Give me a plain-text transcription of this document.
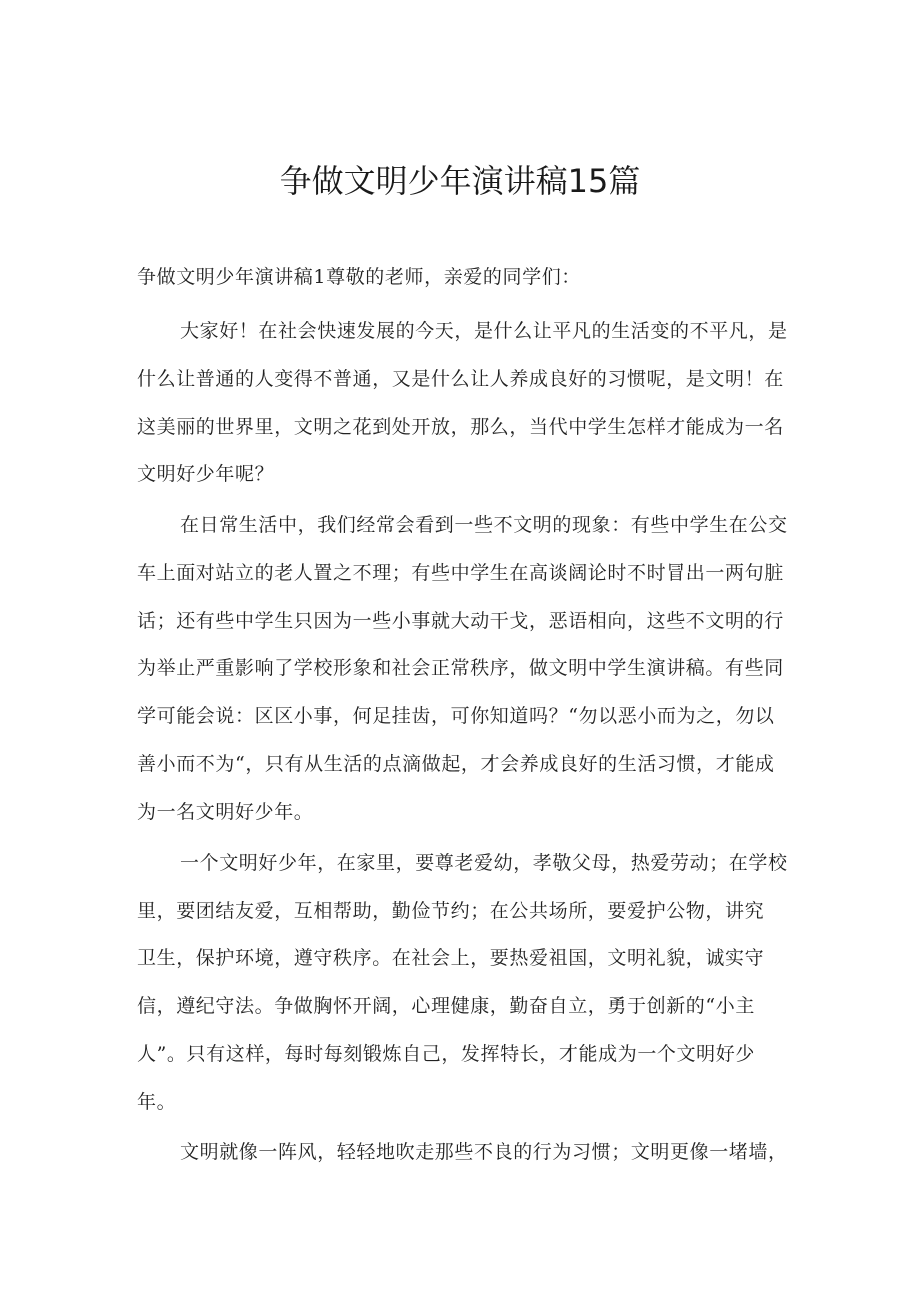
争做文明少年演讲稿15篇
争做文明少年演讲稿1尊敬的老师，亲爱的同学们：
大家好！在社会快速发展的今天，是什么让平凡的生活变的不平凡，是
什么让普通的人变得不普通，又是什么让人养成良好的习惯呢，是文明！在
这美丽的世界里，文明之花到处开放，那么，当代中学生怎样才能成为一名
文明好少年呢？
在日常生活中，我们经常会看到一些不文明的现象：有些中学生在公交
车上面对站立的老人置之不理；有些中学生在高谈阔论时不时冒出一两句脏
话；还有些中学生只因为一些小事就大动干戈，恶语相向，这些不文明的行
为举止严重影响了学校形象和社会正常秩序，做文明中学生演讲稿。有些同
学可能会说：区区小事，何足挂齿，可你知道吗？“勿以恶小而为之，勿以
善小而不为“，只有从生活的点滴做起，才会养成良好的生活习惯，才能成
为一名文明好少年。
一个文明好少年，在家里，要尊老爱幼，孝敬父母，热爱劳动；在学校
里，要团结友爱，互相帮助，勤俭节约；在公共场所，要爱护公物，讲究
卫生，保护环境，遵守秩序。在社会上，要热爱祖国，文明礼貌，诚实守
信，遵纪守法。争做胸怀开阔，心理健康，勤奋自立，勇于创新的“小主
人”。只有这样，每时每刻锻炼自己，发挥特长，才能成为一个文明好少
年。
文明就像一阵风，轻轻地吹走那些不良的行为习惯；文明更像一堵墙，
